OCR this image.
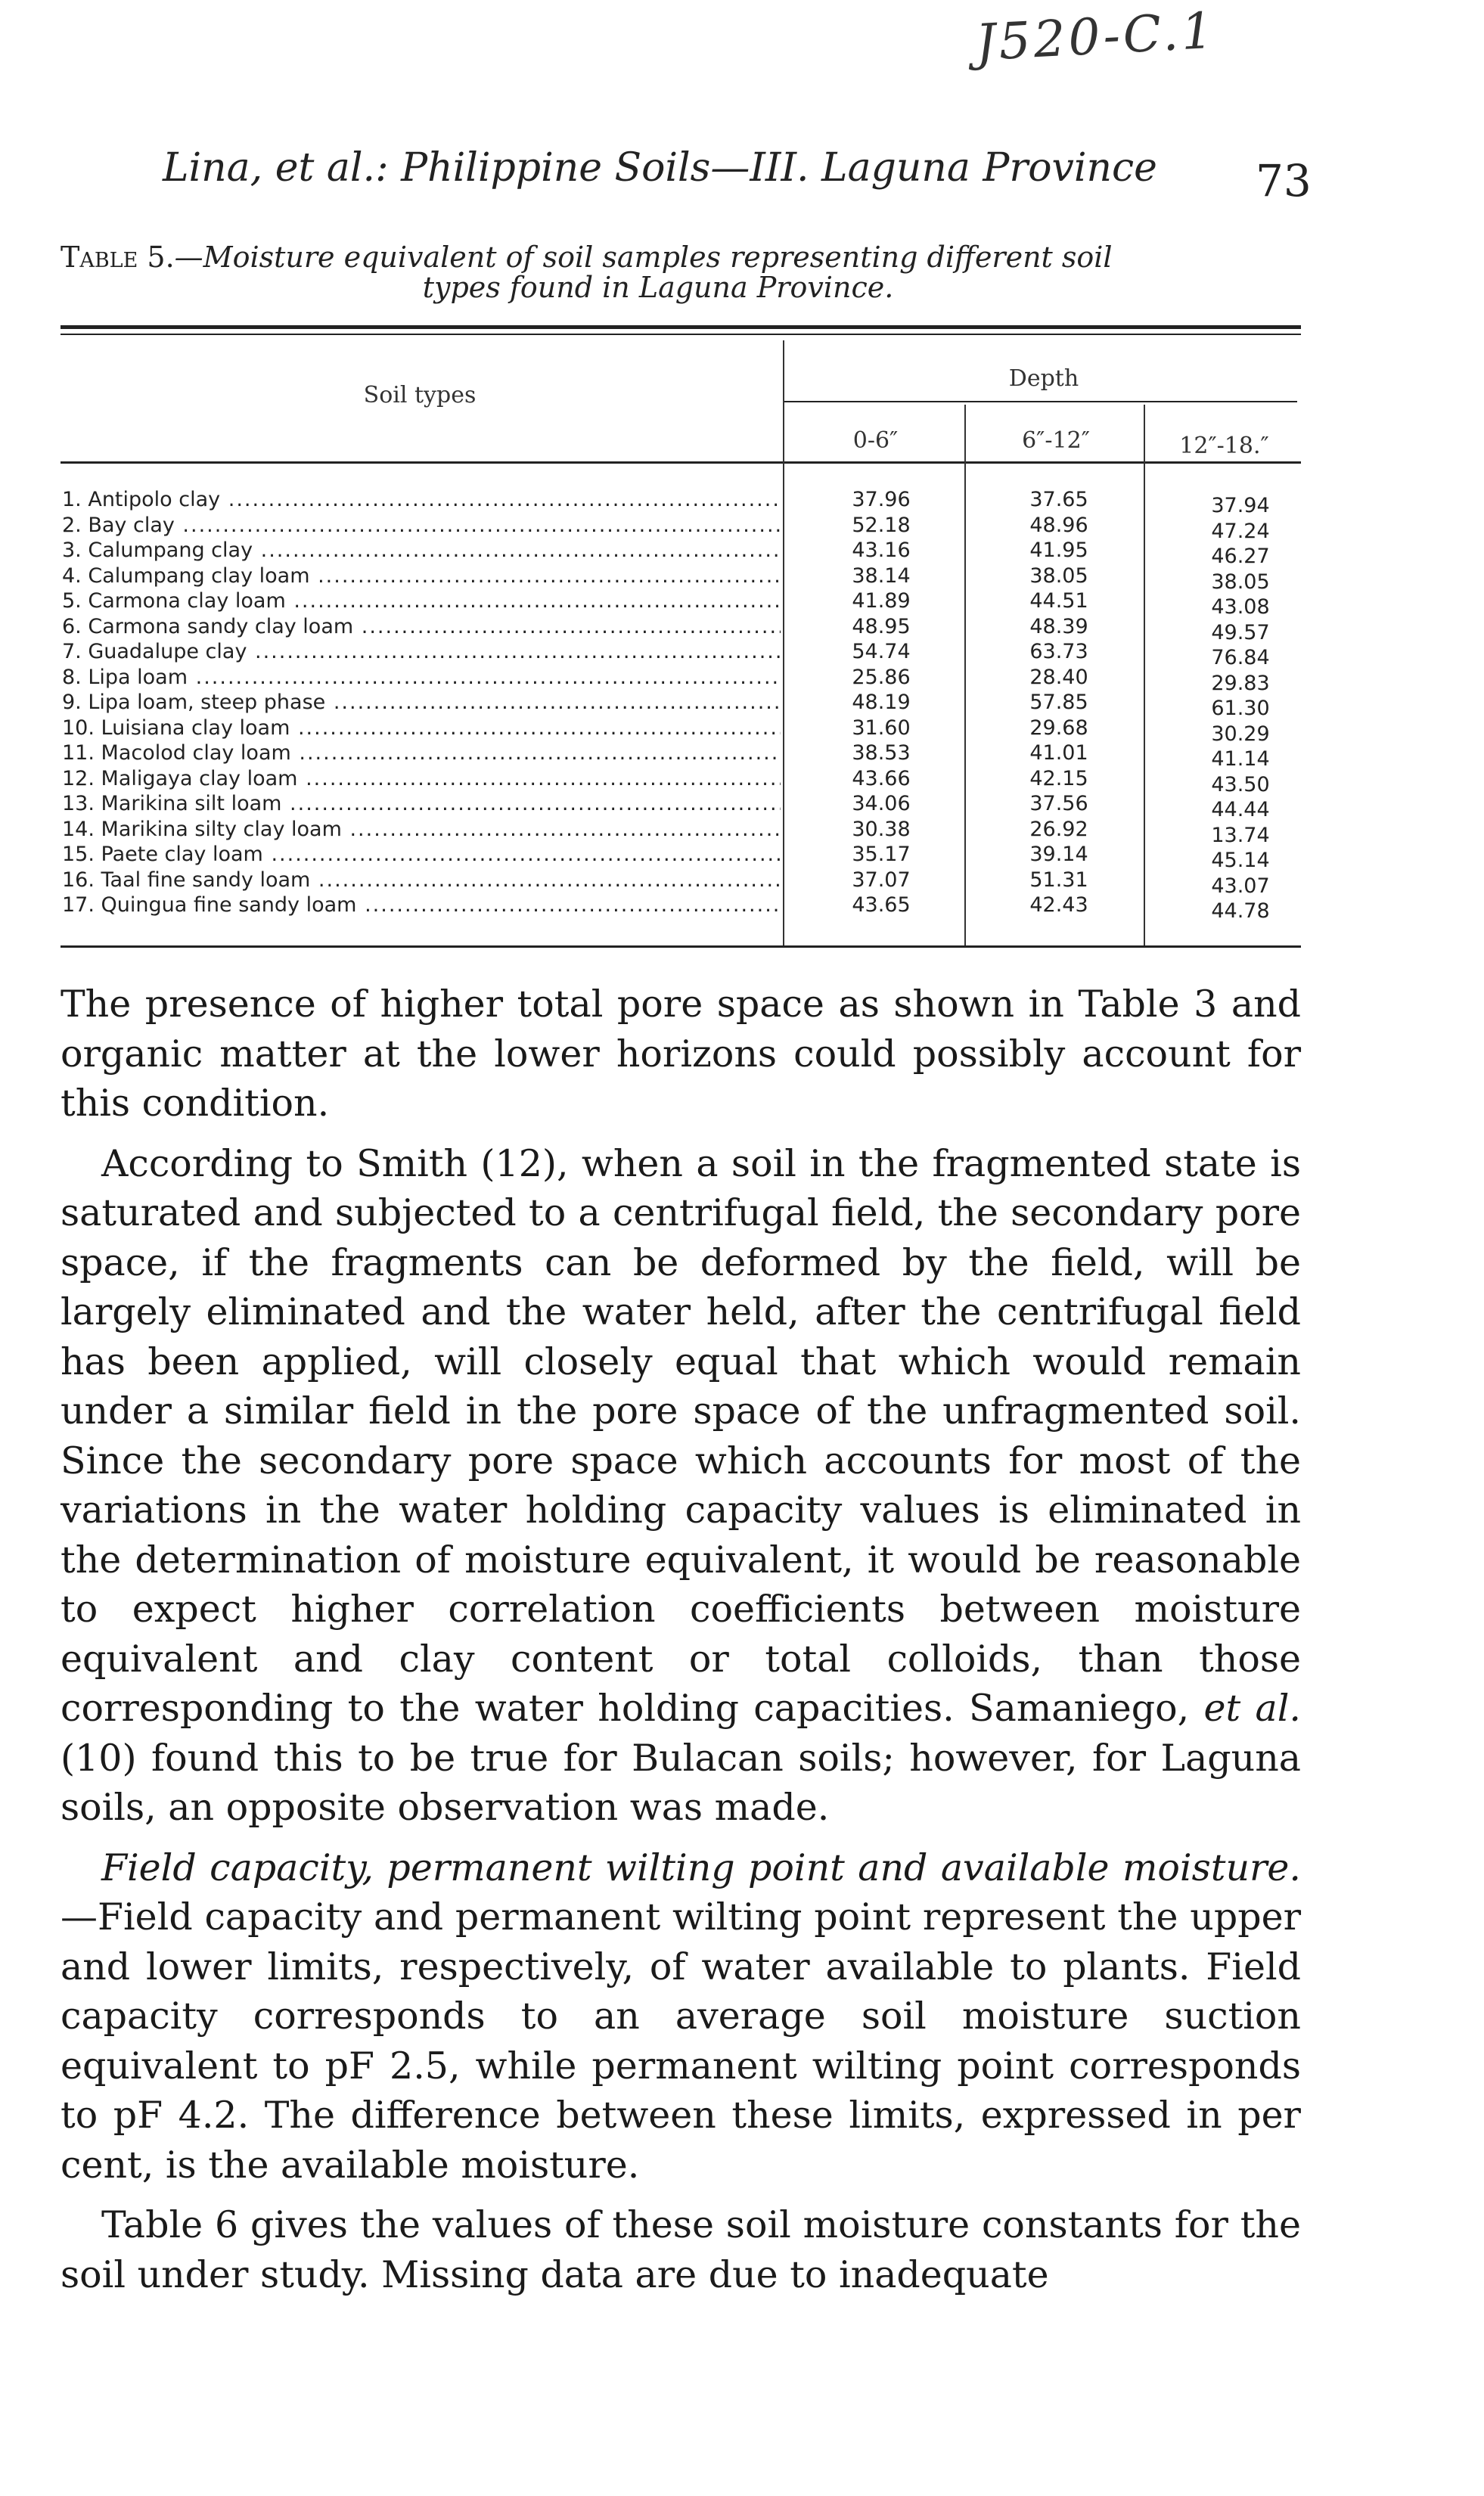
J520-C.1
Lina, et al.: Philippine Soils—III. Laguna Province	73
Table 5.—Moisture equivalent of soil samples representing different soil
types found in Laguna Province.
Soil types
Depth
0-6″	6″-12″	12″-18.″
1. Antipolo clay .....	37.96	37.65	37.94
2. Bay clay .....	52.18	48.96	47.24
3. Calumpang clay .....	43.16	41.95	46.27
4. Calumpang clay loam .....	38.14	38.05	38.05
5. Carmona clay loam .....	41.89	44.51	43.08
6. Carmona sandy clay loam .....	48.95	48.39	49.57
7. Guadalupe clay .....	54.74	63.73	76.84
8. Lipa loam .....	25.86	28.40	29.83
9. Lipa loam, steep phase .....	48.19	57.85	61.30
10. Luisiana clay loam .....	31.60	29.68	30.29
11. Macolod clay loam .....	38.53	41.01	41.14
12. Maligaya clay loam .....	43.66	42.15	43.50
13. Marikina silt loam .....	34.06	37.56	44.44
14. Marikina silty clay loam .....	30.38	26.92	13.74
15. Paete clay loam .....	35.17	39.14	45.14
16. Taal fine sandy loam .....	37.07	51.31	43.07
17. Quingua fine sandy loam .....	43.65	42.43	44.78

The presence of higher total pore space as shown in Table 3 and organic matter at the lower horizons could possibly account for this condition.

According to Smith (12), when a soil in the fragmented state is saturated and subjected to a centrifugal field, the secondary pore space, if the fragments can be deformed by the field, will be largely eliminated and the water held, after the centrifugal field has been applied, will closely equal that which would remain under a similar field in the pore space of the unfragmented soil. Since the secondary pore space which accounts for most of the variations in the water holding capacity values is eliminated in the determination of moisture equivalent, it would be reasonable to expect higher correlation coefficients between moisture equivalent and clay content or total colloids, than those corresponding to the water holding capacities. Samaniego, et al. (10) found this to be true for Bulacan soils; however, for Laguna soils, an opposite observation was made.

Field capacity, permanent wilting point and available moisture.—Field capacity and permanent wilting point represent the upper and lower limits, respectively, of water available to plants. Field capacity corresponds to an average soil moisture suction equivalent to pF 2.5, while permanent wilting point corresponds to pF 4.2. The difference between these limits, expressed in per cent, is the available moisture.

Table 6 gives the values of these soil moisture constants for the soil under study. Missing data are due to inadequate
